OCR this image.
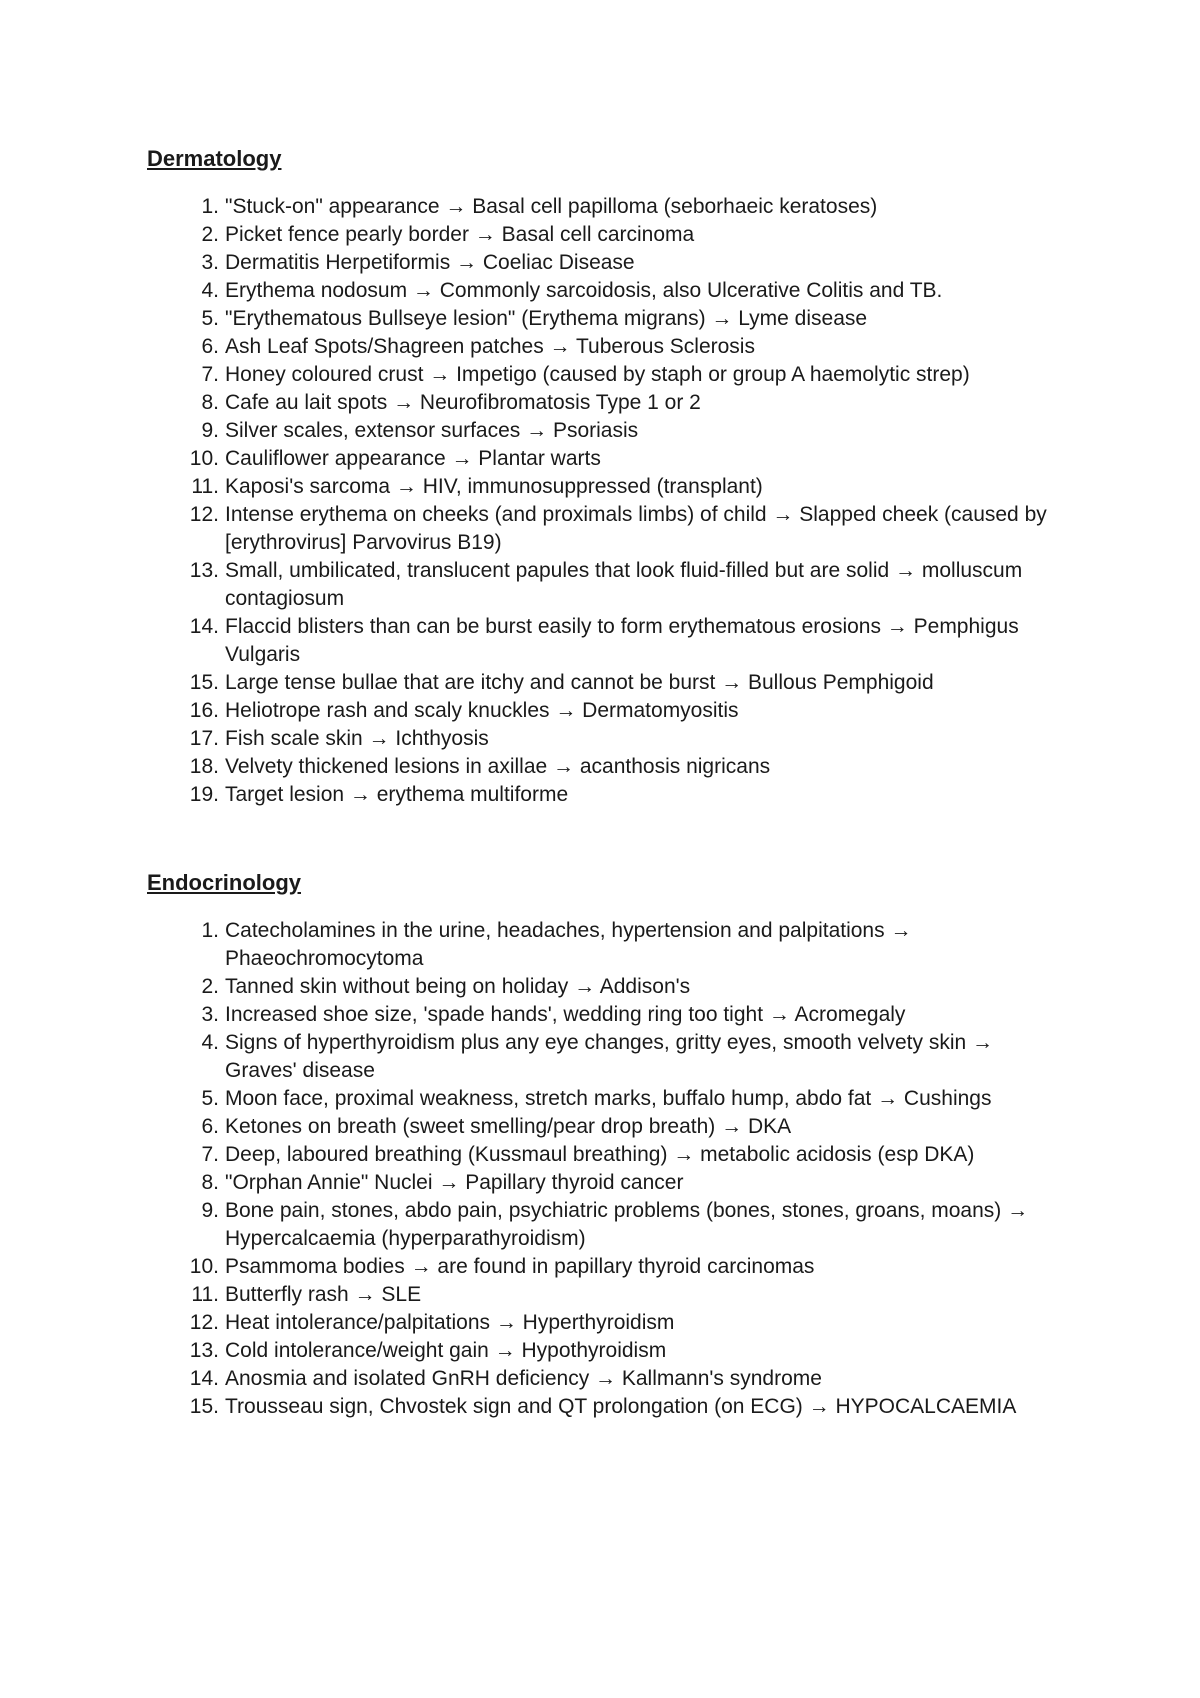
Dermatology
1. "Stuck-on" appearance → Basal cell papilloma (seborhaeic keratoses)
2. Picket fence pearly border → Basal cell carcinoma
3. Dermatitis Herpetiformis → Coeliac Disease
4. Erythema nodosum → Commonly sarcoidosis, also Ulcerative Colitis and TB.
5. "Erythematous Bullseye lesion" (Erythema migrans) → Lyme disease
6. Ash Leaf Spots/Shagreen patches → Tuberous Sclerosis
7. Honey coloured crust → Impetigo (caused by staph or group A haemolytic strep)
8. Cafe au lait spots → Neurofibromatosis Type 1 or 2
9. Silver scales, extensor surfaces → Psoriasis
10. Cauliflower appearance → Plantar warts
11. Kaposi's sarcoma → HIV, immunosuppressed (transplant)
12. Intense erythema on cheeks (and proximals limbs) of child → Slapped cheek (caused by [erythrovirus] Parvovirus B19)
13. Small, umbilicated, translucent papules that look fluid-filled but are solid → molluscum contagiosum
14. Flaccid blisters than can be burst easily to form erythematous erosions → Pemphigus Vulgaris
15. Large tense bullae that are itchy and cannot be burst → Bullous Pemphigoid
16. Heliotrope rash and scaly knuckles → Dermatomyositis
17. Fish scale skin → Ichthyosis
18. Velvety thickened lesions in axillae → acanthosis nigricans
19. Target lesion → erythema multiforme
Endocrinology
1. Catecholamines in the urine, headaches, hypertension and palpitations → Phaeochromocytoma
2. Tanned skin without being on holiday → Addison's
3. Increased shoe size, 'spade hands', wedding ring too tight → Acromegaly
4. Signs of hyperthyroidism plus any eye changes, gritty eyes, smooth velvety skin → Graves' disease
5. Moon face, proximal weakness, stretch marks, buffalo hump, abdo fat → Cushings
6. Ketones on breath (sweet smelling/pear drop breath) → DKA
7. Deep, laboured breathing (Kussmaul breathing) → metabolic acidosis (esp DKA)
8. "Orphan Annie" Nuclei → Papillary thyroid cancer
9. Bone pain, stones, abdo pain, psychiatric problems (bones, stones, groans, moans) → Hypercalcaemia (hyperparathyroidism)
10. Psammoma bodies → are found in papillary thyroid carcinomas
11. Butterfly rash → SLE
12. Heat intolerance/palpitations → Hyperthyroidism
13. Cold intolerance/weight gain → Hypothyroidism
14. Anosmia and isolated GnRH deficiency → Kallmann's syndrome
15. Trousseau sign, Chvostek sign and QT prolongation (on ECG) → HYPOCALCAEMIA
